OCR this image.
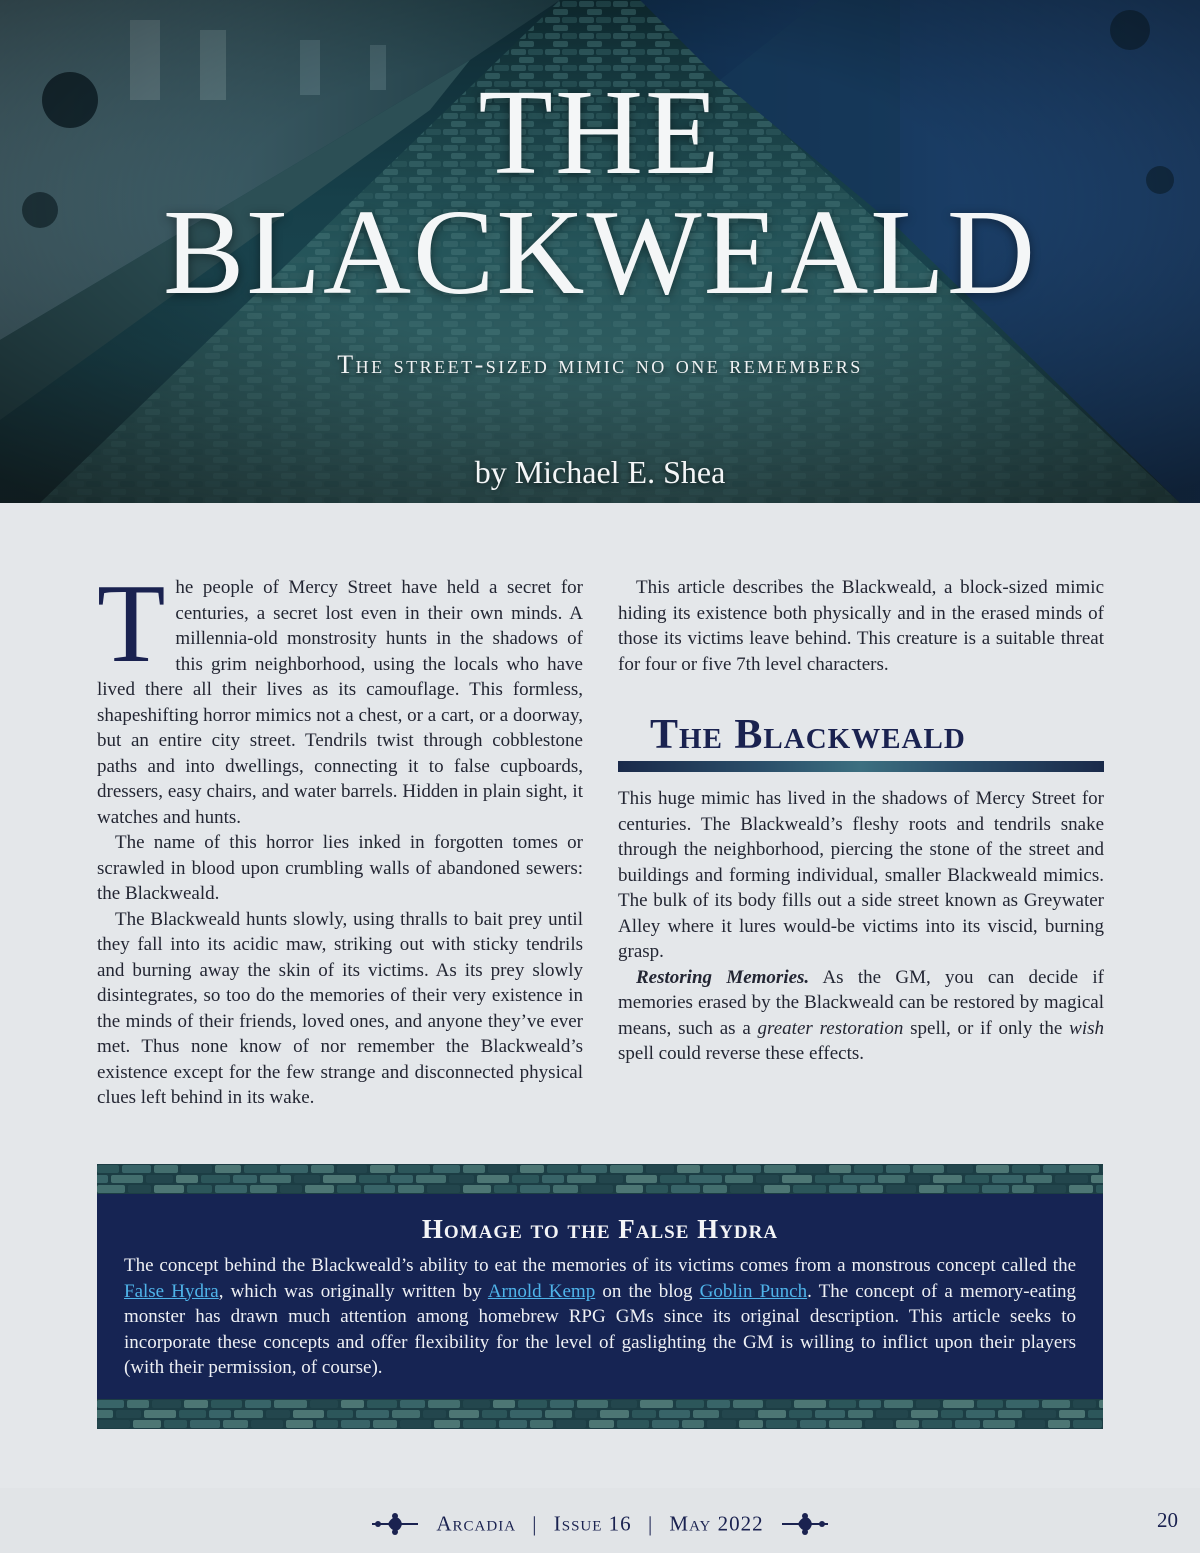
THE
BLACKWEALD
The street-sized mimic no one remembers
by Michael E. Shea

The people of Mercy Street have held a secret for centuries, a secret lost even in their own minds. A millennia-old monstrosity hunts in the shadows of this grim neighborhood, using the locals who have lived there all their lives as its camouflage. This formless, shapeshifting horror mimics not a chest, or a cart, or a doorway, but an entire city street. Tendrils twist through cobblestone paths and into dwellings, connecting it to false cupboards, dressers, easy chairs, and water barrels. Hidden in plain sight, it watches and hunts.

The name of this horror lies inked in forgotten tomes or scrawled in blood upon crumbling walls of abandoned sewers: the Blackweald.

The Blackweald hunts slowly, using thralls to bait prey until they fall into its acidic maw, striking out with sticky tendrils and burning away the skin of its victims. As its prey slowly disintegrates, so too do the memories of their very existence in the minds of their friends, loved ones, and anyone they’ve ever met. Thus none know of nor remember the Blackweald’s existence except for the few strange and disconnected physical clues left behind in its wake.

This article describes the Blackweald, a block-sized mimic hiding its existence both physically and in the erased minds of those its victims leave behind. This creature is a suitable threat for four or five 7th level characters.

The Blackweald

This huge mimic has lived in the shadows of Mercy Street for centuries. The Blackweald’s fleshy roots and tendrils snake through the neighborhood, piercing the stone of the street and buildings and forming individual, smaller Blackweald mimics. The bulk of its body fills out a side street known as Greywater Alley where it lures would-be victims into its viscid, burning grasp.

Restoring Memories. As the GM, you can decide if memories erased by the Blackweald can be restored by magical means, such as a greater restoration spell, or if only the wish spell could reverse these effects.

Homage to the False Hydra
The concept behind the Blackweald’s ability to eat the memories of its victims comes from a monstrous concept called the False Hydra, which was originally written by Arnold Kemp on the blog Goblin Punch. The concept of a memory-eating monster has drawn much attention among homebrew RPG GMs since its original description. This article seeks to incorporate these concepts and offer flexibility for the level of gaslighting the GM is willing to inflict upon their players (with their permission, of course).
Arcadia | Issue 16 | May 2022	20
